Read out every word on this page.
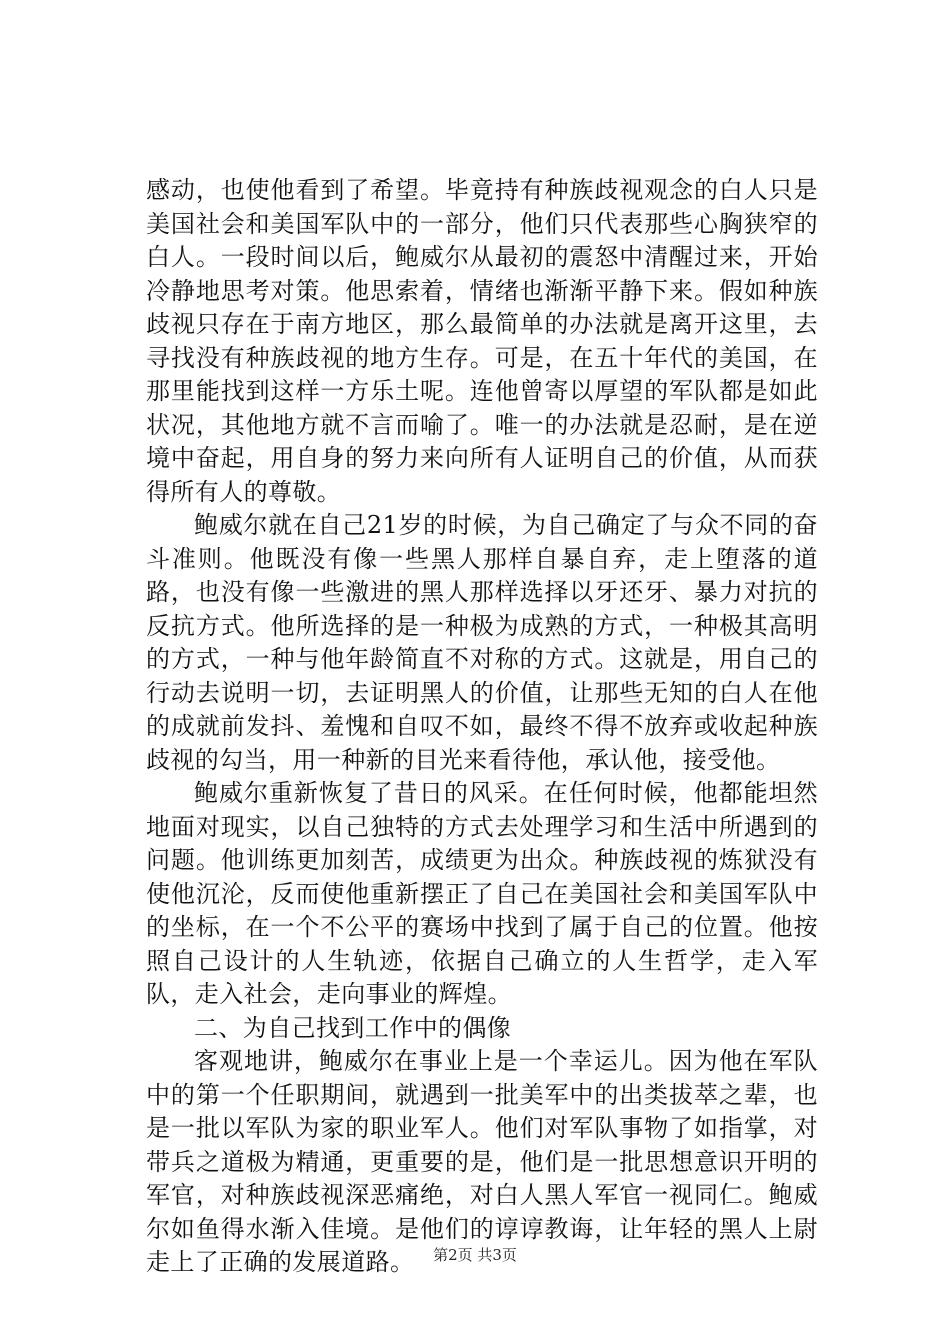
感动，也使他看到了希望。毕竟持有种族歧视观念的白人只是美国社会和美国军队中的一部分，他们只代表那些心胸狭窄的白人。一段时间以后，鲍威尔从最初的震怒中清醒过来，开始冷静地思考对策。他思索着，情绪也渐渐平静下来。假如种族歧视只存在于南方地区，那么最简单的办法就是离开这里，去寻找没有种族歧视的地方生存。可是，在五十年代的美国，在那里能找到这样一方乐土呢。连他曾寄以厚望的军队都是如此状况，其他地方就不言而喻了。唯一的办法就是忍耐，是在逆境中奋起，用自身的努力来向所有人证明自己的价值，从而获得所有人的尊敬。

鲍威尔就在自己21岁的时候，为自己确定了与众不同的奋斗准则。他既没有像一些黑人那样自暴自弃，走上堕落的道路，也没有像一些激进的黑人那样选择以牙还牙、暴力对抗的反抗方式。他所选择的是一种极为成熟的方式，一种极其高明的方式，一种与他年龄简直不对称的方式。这就是，用自己的行动去说明一切，去证明黑人的价值，让那些无知的白人在他的成就前发抖、羞愧和自叹不如，最终不得不放弃或收起种族歧视的勾当，用一种新的目光来看待他，承认他，接受他。

鲍威尔重新恢复了昔日的风采。在任何时候，他都能坦然地面对现实，以自己独特的方式去处理学习和生活中所遇到的问题。他训练更加刻苦，成绩更为出众。种族歧视的炼狱没有使他沉沦，反而使他重新摆正了自己在美国社会和美国军队中的坐标，在一个不公平的赛场中找到了属于自己的位置。他按照自己设计的人生轨迹，依据自己确立的人生哲学，走入军队，走入社会，走向事业的辉煌。

二、为自己找到工作中的偶像

客观地讲，鲍威尔在事业上是一个幸运儿。因为他在军队中的第一个任职期间，就遇到一批美军中的出类拔萃之辈，也是一批以军队为家的职业军人。他们对军队事物了如指掌，对带兵之道极为精通，更重要的是，他们是一批思想意识开明的军官，对种族歧视深恶痛绝，对白人黑人军官一视同仁。鲍威尔如鱼得水渐入佳境。是他们的谆谆教诲，让年轻的黑人上尉走上了正确的发展道路。	第2页 共3页
